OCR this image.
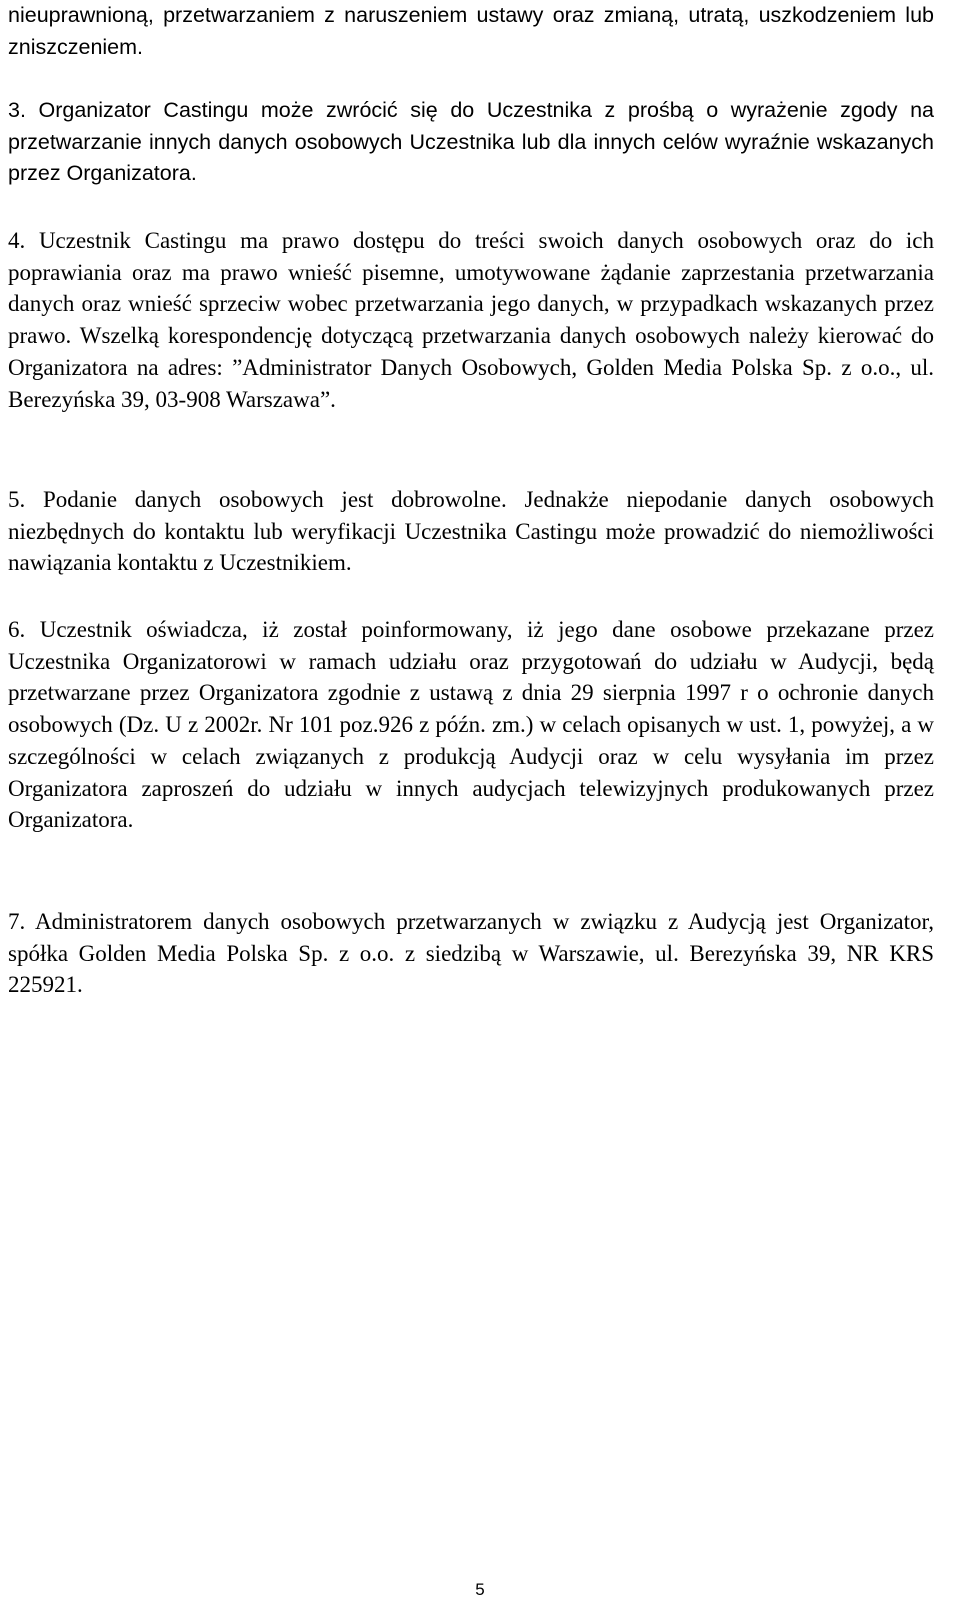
nieuprawnioną, przetwarzaniem z naruszeniem ustawy oraz zmianą, utratą, uszkodzeniem lub zniszczeniem.

3. Organizator Castingu może zwrócić się do Uczestnika z prośbą o wyrażenie zgody na przetwarzanie innych danych osobowych Uczestnika lub dla innych celów wyraźnie wskazanych przez Organizatora.

4. Uczestnik Castingu ma prawo dostępu do treści swoich danych osobowych oraz do ich poprawiania oraz ma prawo wnieść pisemne, umotywowane żądanie zaprzestania przetwarzania danych oraz wnieść sprzeciw wobec przetwarzania jego danych, w przypadkach wskazanych przez prawo. Wszelką korespondencję dotyczącą przetwarzania danych osobowych należy kierować do Organizatora na adres: ”Administrator Danych Osobowych, Golden Media Polska Sp. z o.o., ul. Berezyńska 39, 03-908 Warszawa”.

5. Podanie danych osobowych jest dobrowolne. Jednakże niepodanie danych osobowych niezbędnych do kontaktu lub weryfikacji Uczestnika Castingu może prowadzić do niemożliwości nawiązania kontaktu z Uczestnikiem.

6. Uczestnik oświadcza, iż został poinformowany, iż jego dane osobowe przekazane przez Uczestnika Organizatorowi w ramach udziału oraz przygotowań do udziału w Audycji, będą przetwarzane przez Organizatora zgodnie z ustawą z dnia 29 sierpnia 1997 r o ochronie danych osobowych (Dz. U z 2002r. Nr 101 poz.926 z późn. zm.) w celach opisanych w ust. 1, powyżej, a w szczególności w celach związanych z produkcją Audycji oraz w celu wysyłania im przez Organizatora zaproszeń do udziału w innych audycjach telewizyjnych produkowanych przez Organizatora.

7. Administratorem danych osobowych przetwarzanych w związku z Audycją jest Organizator, spółka Golden Media Polska Sp. z o.o. z siedzibą w Warszawie, ul. Berezyńska 39, NR KRS 225921.

5
